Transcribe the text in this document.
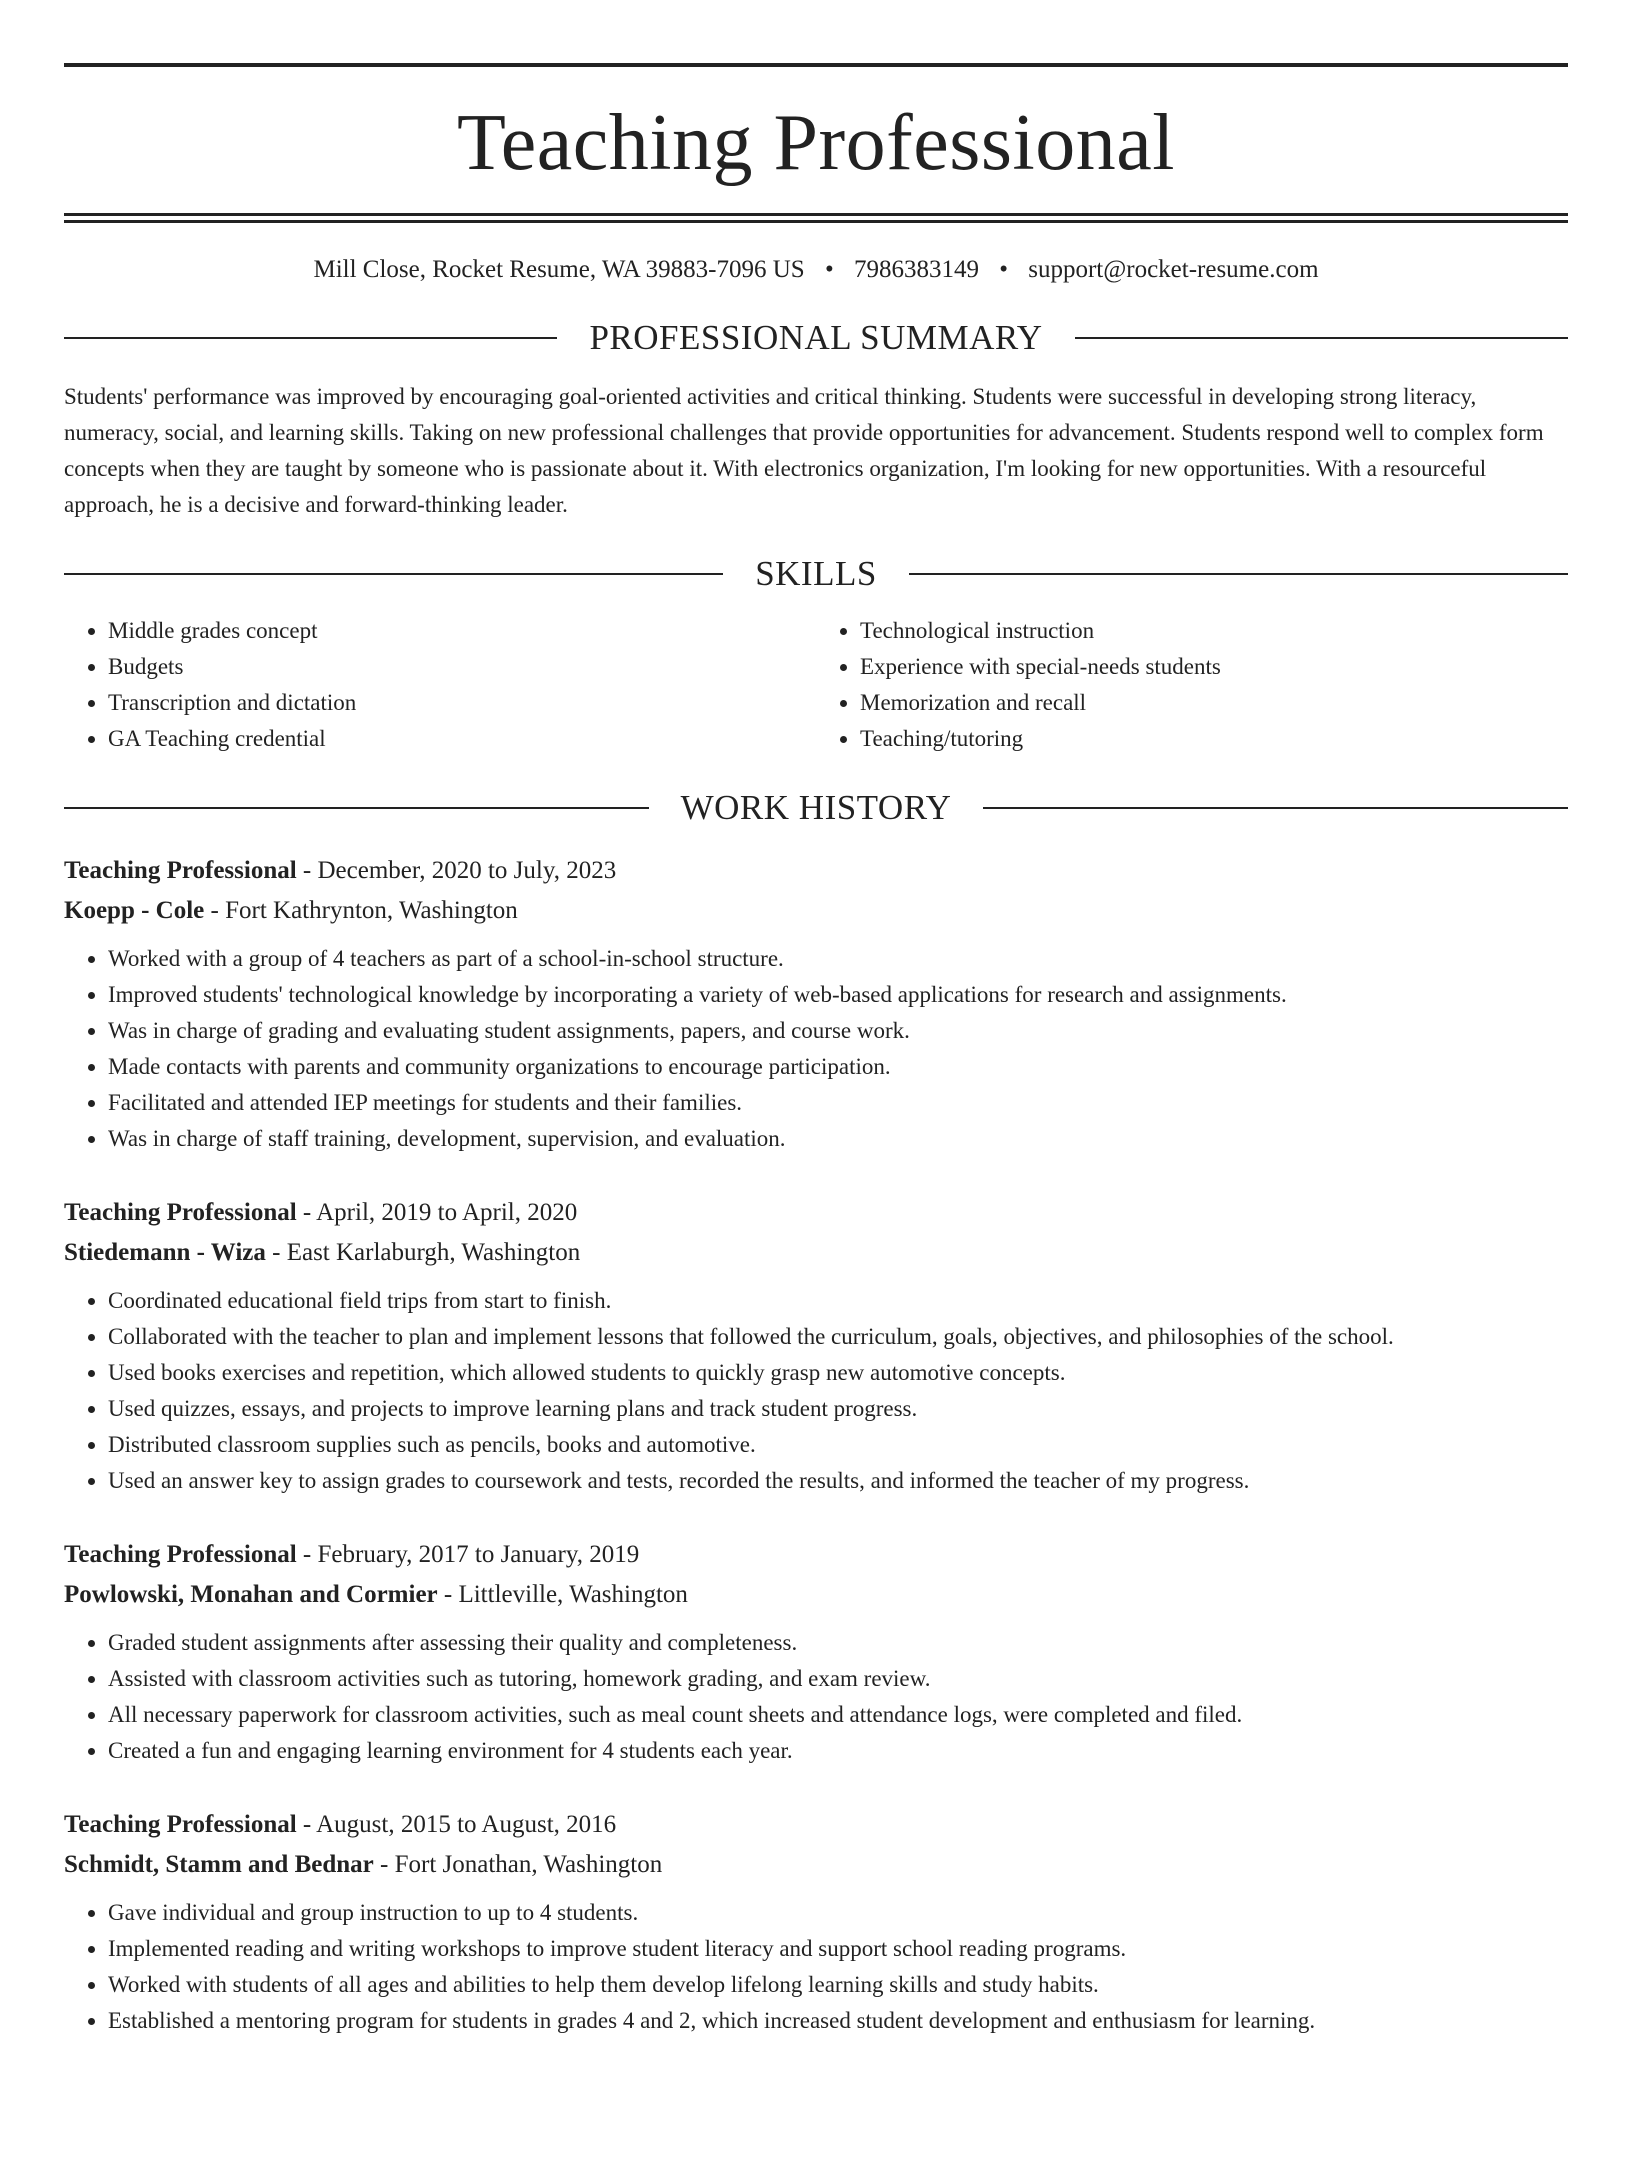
Teaching Professional
Mill Close, Rocket Resume, WA 39883-7096 US • 7986383149 • support@rocket-resume.com
PROFESSIONAL SUMMARY
Students' performance was improved by encouraging goal-oriented activities and critical thinking. Students were successful in developing strong literacy, numeracy, social, and learning skills. Taking on new professional challenges that provide opportunities for advancement. Students respond well to complex form concepts when they are taught by someone who is passionate about it. With electronics organization, I'm looking for new opportunities. With a resourceful approach, he is a decisive and forward-thinking leader.
SKILLS
• Middle grades concept
• Budgets
• Transcription and dictation
• GA Teaching credential
• Technological instruction
• Experience with special-needs students
• Memorization and recall
• Teaching/tutoring
WORK HISTORY
Teaching Professional - December, 2020 to July, 2023
Koepp - Cole - Fort Kathrynton, Washington
• Worked with a group of 4 teachers as part of a school-in-school structure.
• Improved students' technological knowledge by incorporating a variety of web-based applications for research and assignments.
• Was in charge of grading and evaluating student assignments, papers, and course work.
• Made contacts with parents and community organizations to encourage participation.
• Facilitated and attended IEP meetings for students and their families.
• Was in charge of staff training, development, supervision, and evaluation.
Teaching Professional - April, 2019 to April, 2020
Stiedemann - Wiza - East Karlaburgh, Washington
• Coordinated educational field trips from start to finish.
• Collaborated with the teacher to plan and implement lessons that followed the curriculum, goals, objectives, and philosophies of the school.
• Used books exercises and repetition, which allowed students to quickly grasp new automotive concepts.
• Used quizzes, essays, and projects to improve learning plans and track student progress.
• Distributed classroom supplies such as pencils, books and automotive.
• Used an answer key to assign grades to coursework and tests, recorded the results, and informed the teacher of my progress.
Teaching Professional - February, 2017 to January, 2019
Powlowski, Monahan and Cormier - Littleville, Washington
• Graded student assignments after assessing their quality and completeness.
• Assisted with classroom activities such as tutoring, homework grading, and exam review.
• All necessary paperwork for classroom activities, such as meal count sheets and attendance logs, were completed and filed.
• Created a fun and engaging learning environment for 4 students each year.
Teaching Professional - August, 2015 to August, 2016
Schmidt, Stamm and Bednar - Fort Jonathan, Washington
• Gave individual and group instruction to up to 4 students.
• Implemented reading and writing workshops to improve student literacy and support school reading programs.
• Worked with students of all ages and abilities to help them develop lifelong learning skills and study habits.
• Established a mentoring program for students in grades 4 and 2, which increased student development and enthusiasm for learning.
